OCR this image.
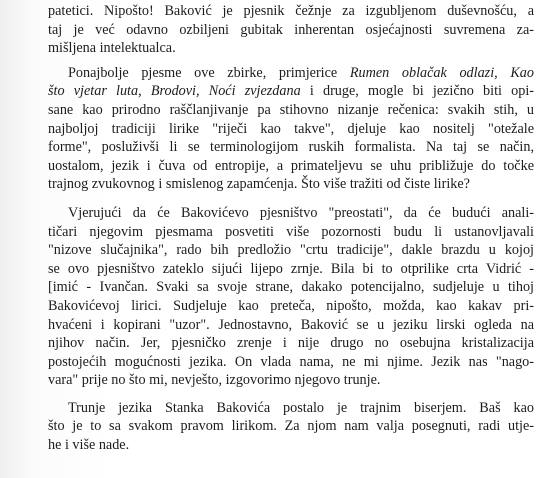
patetici. Nipošto! Baković je pjesnik čežnje za izgubljenom duševnošću, a
taj je već odavno ozbiljeni gubitak inherentan osjećajnosti suvremena za-
mišljena intelektualca.

Ponajbolje pjesme ove zbirke, primjerice Rumen oblačak odlazi, Kao
što vjetar luta, Brodovi, Noći zvjezdana i druge, mogle bi jezično biti opi-
sane kao prirodno raščlanjivanje pa stihovno nizanje rečenica: svakih stih, u
najboljoj tradiciji lirike "riječi kao takve", djeluje kao nositelj "otežale
forme", posluživši li se terminologijom ruskih formalista. Na taj se način,
uostalom, jezik i čuva od entropije, a primateljevu se uhu približuje do točke
trajnog zvukovnog i smislenog zapamćenja. Što više tražiti od čiste lirike?

Vjerujući da će Bakovićevo pjesništvo "preostati", da će budući anali-
tičari njegovim pjesmama posvetiti više pozornosti budu li ustanovljavali
"nizove slučajnika", rado bih predložio "crtu tradicije", dakle brazdu u kojoj
se ovo pjesništvo zateklo sijući lijepo zrnje. Bila bi to otprilike crta Vidrić -
[imić - Ivančan. Svaki sa svoje strane, dakako potencijalno, sudjeluje u tihoj
Bakovićevoj lirici. Sudjeluje kao preteča, nipošto, možda, kao kakav pri-
hvaćeni i kopirani "uzor". Jednostavno, Baković se u jeziku lirski ogleda na
njihov način. Jer, pjesničko zrenje i nije drugo no osebujna kristalizacija
postojećih mogućnosti jezika. On vlada nama, ne mi njime. Jezik nas "nago-
vara" prije no što mi, nevješto, izgovorimo njegovo trunje.

Trunje jezika Stanka Bakovića postalo je trajnim biserjem. Baš kao
što je to sa svakom pravom lirikom. Za njom nam valja posegnuti, radi utje-
he i više nade.
